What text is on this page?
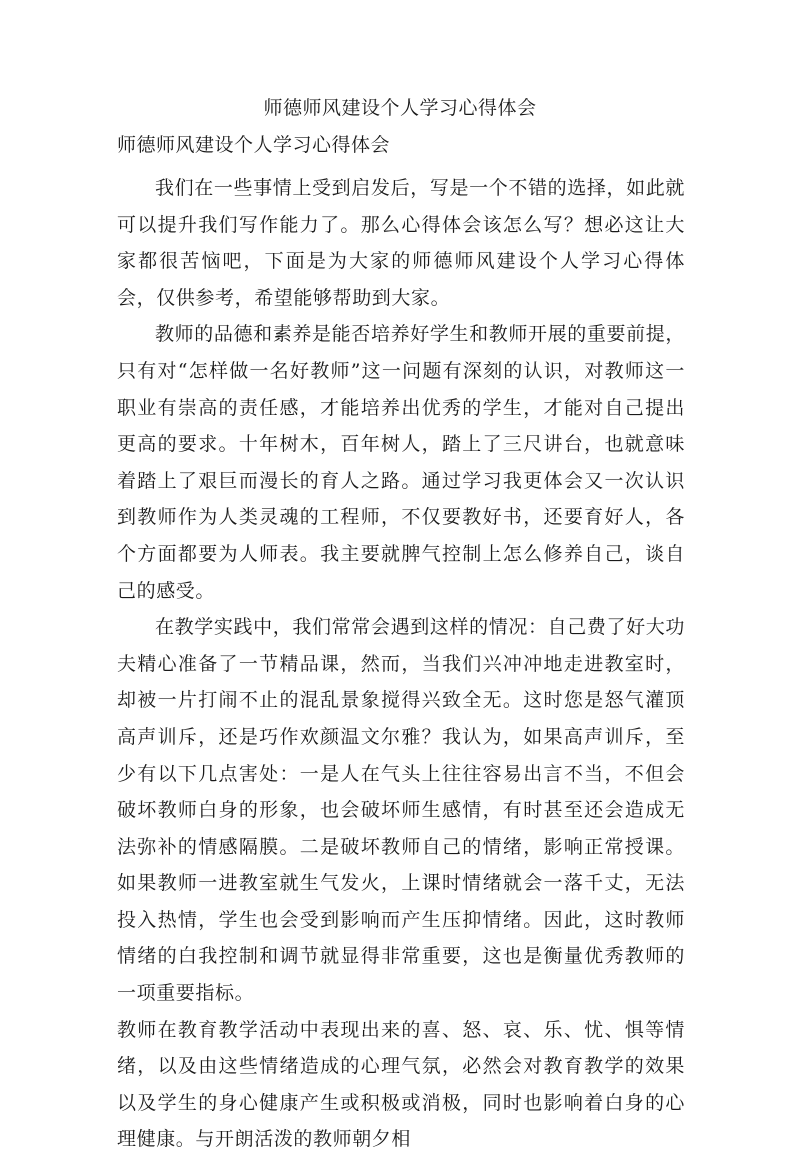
师德师风建设个人学习心得体会
师德师风建设个人学习心得体会

我们在一些事情上受到启发后，写是一个不错的选择，如此就可以提升我们写作能力了。那么心得体会该怎么写？想必这让大家都很苦恼吧，下面是为大家的师德师风建设个人学习心得体会，仅供参考，希望能够帮助到大家。

教师的品德和素养是能否培养好学生和教师开展的重要前提，只有对“怎样做一名好教师”这一问题有深刻的认识，对教师这一职业有崇高的责任感，才能培养出优秀的学生，才能对自己提出更高的要求。十年树木，百年树人，踏上了三尺讲台，也就意味着踏上了艰巨而漫长的育人之路。通过学习我更体会又一次认识到教师作为人类灵魂的工程师，不仅要教好书，还要育好人，各个方面都要为人师表。我主要就脾气控制上怎么修养自己，谈自己的感受。

在教学实践中，我们常常会遇到这样的情况：自己费了好大功夫精心准备了一节精品课，然而，当我们兴冲冲地走进教室时，却被一片打闹不止的混乱景象搅得兴致全无。这时您是怒气灌顶高声训斥，还是巧作欢颜温文尔雅？我认为，如果高声训斥，至少有以下几点害处：一是人在气头上往往容易出言不当，不但会破坏教师白身的形象，也会破坏师生感情，有时甚至还会造成无法弥补的情感隔膜。二是破坏教师自己的情绪，影响正常授课。如果教师一进教室就生气发火，上课时情绪就会一落千丈，无法投入热情，学生也会受到影响而产生压抑情绪。因此，这时教师情绪的白我控制和调节就显得非常重要，这也是衡量优秀教师的一项重要指标。

教师在教育教学活动中表现出来的喜、怒、哀、乐、忧、惧等情绪，以及由这些情绪造成的心理气氛，必然会对教育教学的效果以及学生的身心健康产生或积极或消极，同时也影响着白身的心理健康。与开朗活泼的教师朝夕相
